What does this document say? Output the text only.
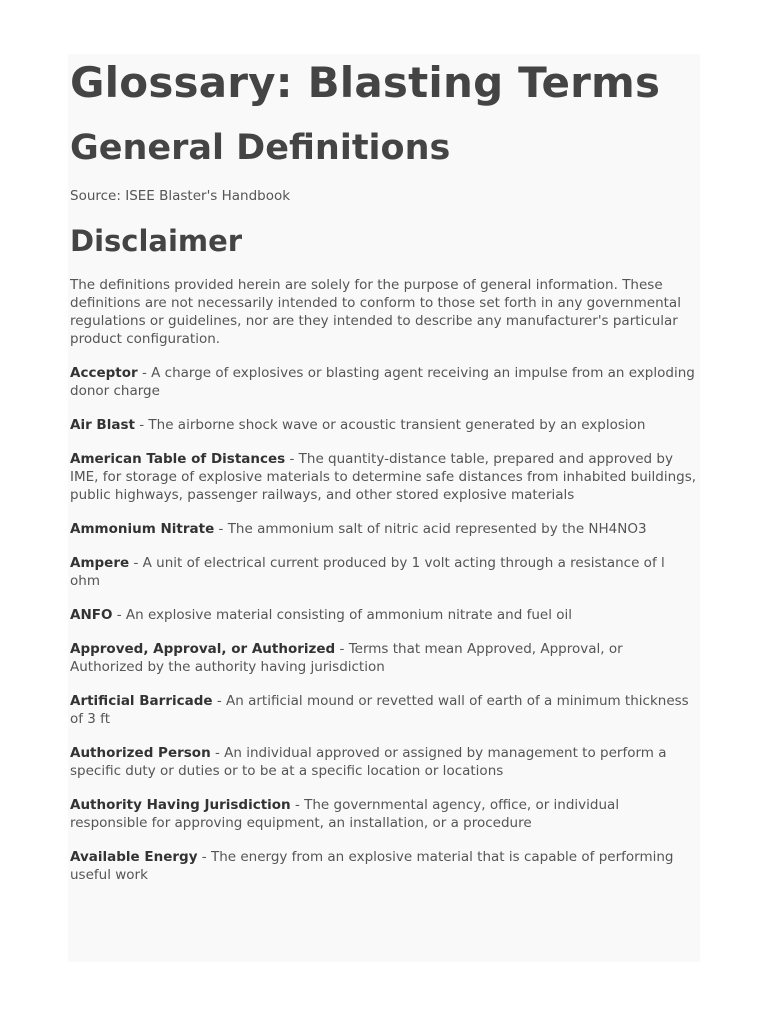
Glossary: Blasting Terms
General Definitions
Source: ISEE Blaster's Handbook
Disclaimer

The definitions provided herein are solely for the purpose of general information. These definitions are not necessarily intended to conform to those set forth in any governmental regulations or guidelines, nor are they intended to describe any manufacturer's particular product configuration.

Acceptor - A charge of explosives or blasting agent receiving an impulse from an exploding donor charge

Air Blast - The airborne shock wave or acoustic transient generated by an explosion

American Table of Distances - The quantity-distance table, prepared and approved by IME, for storage of explosive materials to determine safe distances from inhabited buildings, public highways, passenger railways, and other stored explosive materials

Ammonium Nitrate - The ammonium salt of nitric acid represented by the NH4NO3

Ampere - A unit of electrical current produced by 1 volt acting through a resistance of l ohm

ANFO - An explosive material consisting of ammonium nitrate and fuel oil

Approved, Approval, or Authorized - Terms that mean Approved, Approval, or Authorized by the authority having jurisdiction

Artificial Barricade - An artificial mound or revetted wall of earth of a minimum thickness of 3 ft

Authorized Person - An individual approved or assigned by management to perform a specific duty or duties or to be at a specific location or locations

Authority Having Jurisdiction - The governmental agency, office, or individual responsible for approving equipment, an installation, or a procedure

Available Energy - The energy from an explosive material that is capable of performing useful work
